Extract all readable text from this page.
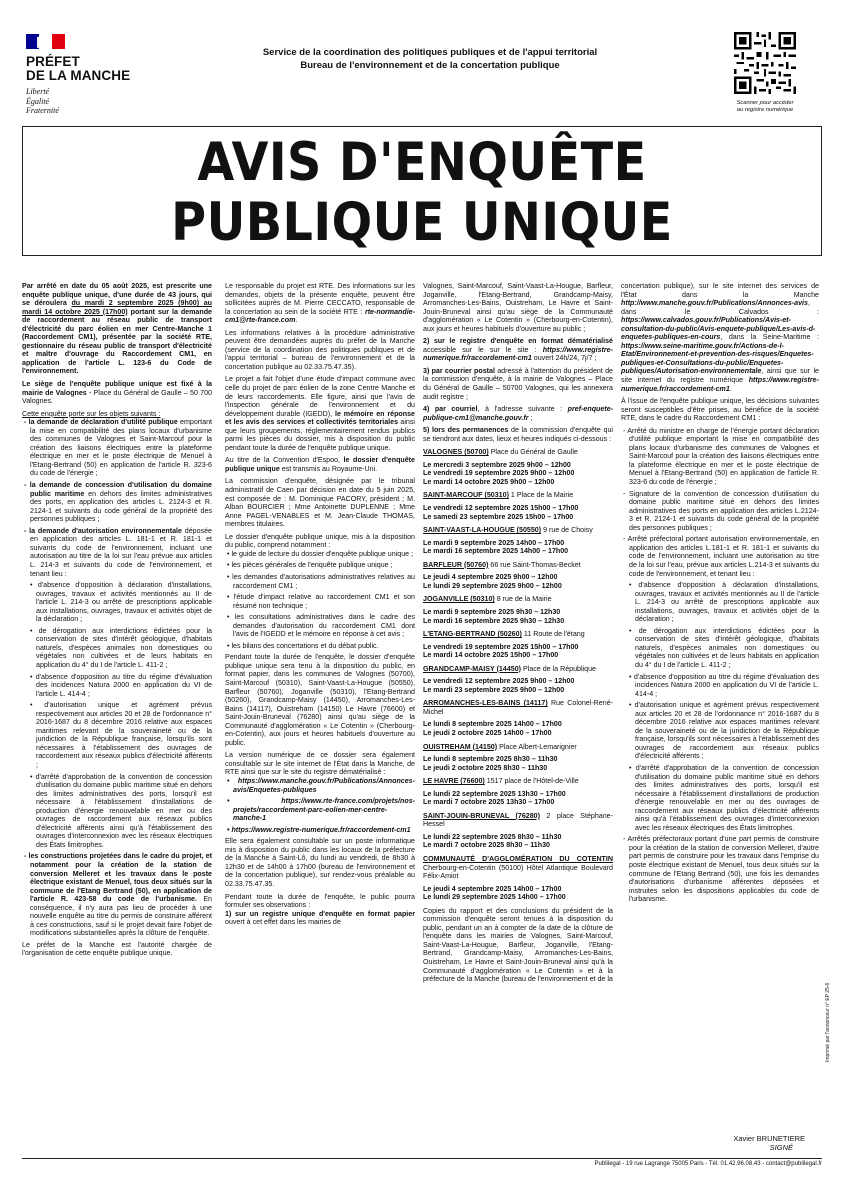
PRÉFET
DE LA MANCHE
Liberté
Égalité
Fraternité
Service de la coordination des politiques publiques et de l'appui territorial
Bureau de l'environnement et de la concertation publique
Scanner pour accéder
au registre numérique
AVIS D'ENQUÊTE
PUBLIQUE UNIQUE

Par arrêté en date du 05 août 2025, est prescrite une enquête publique unique, d'une durée de 43 jours, qui se déroulera du mardi 2 septembre 2025 (9h00) au mardi 14 octobre 2025 (17h00) portant sur la demande de raccordement au réseau public de transport d'électricité du parc éolien en mer Centre-Manche 1 (Raccordement CM1), présentée par la société RTE, gestionnaire du réseau public de transport d'électricité et maître d'ouvrage du Raccordement CM1, en application de l'article L. 123-6 du Code de l'environnement.

Le siège de l'enquête publique unique est fixé à la mairie de Valognes - Place du Général de Gaulle – 50 700 Valognes.

Cette enquête porte sur les objets suivants :

- la demande de déclaration d'utilité publique emportant la mise en compatibilité des plans locaux d'urbanisme des communes de Valognes et Saint-Marcouf pour la création des liaisons électriques entre la plateforme électrique en mer et le poste électrique de Menuel à l'Etang-Bertrand (50) en application de l'article R. 323-6 du code de l'énergie ;

- la demande de concession d'utilisation du domaine public maritime en dehors des limites administratives des ports, en application des articles L. 2124-3 et R. 2124-1 et suivants du code général de la propriété des personnes publiques ;

- la demande d'autorisation environnementale déposée en application des articles L. 181-1 et R. 181-1 et suivants du code de l'environnement, incluant une autorisation au titre de la loi sur l'eau prévue aux articles L. 214-3 et suivants du code de l'environnement, et tenant lieu :

• d'absence d'opposition à déclaration d'installations, ouvrages, travaux et activités mentionnés au II de l'article L. 214-3 ou arrêté de prescriptions applicable aux installations, ouvrages, travaux et activités objet de la déclaration ;

• de dérogation aux interdictions édictées pour la conservation de sites d'intérêt géologique, d'habitats naturels, d'espèces animales non domestiques ou végétales non cultivées et de leurs habitats en application du 4° du I de l'article L. 411-2 ;

• d'absence d'opposition au titre du régime d'évaluation des incidences Natura 2000 en application du VI de l'article L. 414-4 ;

• d'autorisation unique et agrément prévus respectivement aux articles 20 et 28 de l'ordonnance n° 2016-1687 du 8 décembre 2016 relative aux espaces maritimes relevant de la souveraineté ou de la juridiction de la République française, lorsqu'ils sont nécessaires à l'établissement des ouvrages de raccordement aux réseaux publics d'électricité afférents ;

• d'arrêté d'approbation de la convention de concession d'utilisation du domaine public maritime situé en dehors des limites administratives des ports, lorsqu'il est nécessaire à l'établissement d'installations de production d'énergie renouvelable en mer ou des ouvrages de raccordement aux réseaux publics d'électricité afférents ainsi qu'à l'établissement des ouvrages d'interconnexion avec les réseaux électriques des États limitrophes.

- les constructions projetées dans le cadre du projet, et notamment pour la création de la station de conversion Melleret et les travaux dans le poste électrique existant de Menuel, tous deux situés sur la commune de l'Etang Bertrand (50), en application de l'article R. 423-58 du code de l'urbanisme. En conséquence, il n'y aura pas lieu de procéder à une nouvelle enquête au titre du permis de construire afférent à ces constructions, sauf si le projet devait faire l'objet de modifications substantielles après la clôture de l'enquête.

Le préfet de la Manche est l'autorité chargée de l'organisation de cette enquête publique unique.

Le responsable du projet est RTE. Des informations sur les demandes, objets de la présente enquête, peuvent être sollicitées auprès de M. Pierre CECCATO, responsable de la concertation au sein de la société RTE : rte-normandie-cm1@rte-france.com.

Les informations relatives à la procédure administrative peuvent être demandées auprès du préfet de la Manche (service de la coordination des politiques publiques et de l'appui territorial – bureau de l'environnement et de la concertation publique au 02.33.75.47.35).

Le projet a fait l'objet d'une étude d'impact commune avec celle du projet de parc éolien de la zone Centre Manche et de leurs raccordements. Elle figure, ainsi que l'avis de l'inspection générale de l'environnement et du développement durable (IGEDD), le mémoire en réponse et les avis des services et collectivités territoriales ainsi que leurs groupements, réglementairement rendus publics parmi les pièces du dossier, mis à disposition du public pendant toute la durée de l'enquête publique unique.

Au titre de la Convention d'Espoo, le dossier d'enquête publique unique est transmis au Royaume-Uni.

La commission d'enquête, désignée par le tribunal administratif de Caen par décision en date du 5 juin 2025, est composée de : M. Dominique PACORY, président ; M. Alban BOURCIER ; Mme Antoinette DUPLENNE ; Mme Anne PAGEL-VENABLES et M. Jean-Claude THOMAS, membres titulaires.

Le dossier d'enquête publique unique, mis à la disposition du public, comprend notamment :

• le guide de lecture du dossier d'enquête publique unique ;

• les pièces générales de l'enquête publique unique ;

• les demandes d'autorisations administratives relatives au raccordement CM1 ;

• l'étude d'impact relative au raccordement CM1 et son résumé non technique ;

• les consultations administratives dans le cadre des demandes d'autorisation du raccordement CM1 dont l'avis de l'IGEDD et le mémoire en réponse à cet avis ;

• les bilans des concertations et du débat public.

Pendant toute la durée de l'enquête, le dossier d'enquête publique unique sera tenu à la disposition du public, en format papier, dans les communes de Valognes (50700), Saint-Marcouf (50310), Saint-Vaast-La-Hougue (50550), Barfleur (50760), Joganville (50310), l'Etang-Bertrand (50260), Grandcamp-Maisy (14450), Arromanches-Les-Bains (14117), Ouistreham (14150) Le Havre (76600) et Saint-Jouin-Bruneval (76280) ainsi qu'au siège de la Communauté d'agglomération « Le Cotentin » (Cherbourg-en-Cotentin), aux jours et heures habituels d'ouverture au public.

La version numérique de ce dossier sera également consultable sur le site internet de l'État dans la Manche, de RTE ainsi que sur le site du registre dématérialisé :

• https://www.manche.gouv.fr/Publications/Annonces-avis/Enquetes-publiques

• https://www.rte-france.com/projets/nos-projets/raccordement-parc-eolien-mer-centre-manche-1

• https://www.registre-numerique.fr/raccordement-cm1

Elle sera également consultable sur un poste informatique mis à disposition du public dans les locaux de la préfecture de la Manche à Saint-Lô, du lundi au vendredi, de 8h30 à 12h30 et de 14h00 à 17h00 (bureau de l'environnement et de la concertation publique), sur rendez-vous préalable au 02.33.75.47.35.

Pendant toute la durée de l'enquête, le public pourra formuler ses observations :

1) sur un registre unique d'enquête en format papier ouvert à cet effet dans les mairies de

Valognes, Saint-Marcouf, Saint-Vaast-La-Hougue, Barfleur, Joganville, l'Etang-Bertrand, Grandcamp-Maisy, Arromanches-Les-Bains, Ouistreham, Le Havre et Saint-Jouin-Bruneval ainsi qu'au siège de la Communauté d'agglomération « Le Cotentin » (Cherbourg-en-Cotentin), aux jours et heures habituels d'ouverture au public ;

2) sur le registre d'enquête en format dématérialisé accessible sur le sur le site : https://www.registre-numerique.fr/raccordement-cm1 ouvert 24h/24, 7j/7 ;

3) par courrier postal adressé à l'attention du président de la commission d'enquête, à la mairie de Valognes – Place du Général de Gaulle – 50700 Valognes, qui les annexera audit registre ;

4) par courriel, à l'adresse suivante : pref-enquete-publique-cm1@manche.gouv.fr ;

5) lors des permanences de la commission d'enquête qui se tiendront aux dates, lieux et heures indiqués ci-dessous :

VALOGNES (50700) Place du Général de Gaulle

Le mercredi 3 septembre 2025 9h00 – 12h00

Le vendredi 19 septembre 2025 9h00 – 12h00

Le mardi 14 octobre 2025 9h00 – 12h00

SAINT-MARCOUF (50310) 1 Place de la Mairie

Le vendredi 12 septembre 2025 15h00 – 17h00

Le samedi 23 septembre 2025 15h00 – 17h00

SAINT-VAAST-LA-HOUGUE (50550) 9 rue de Choisy

Le mardi 9 septembre 2025 14h00 – 17h00

Le mardi 16 septembre 2025 14h00 – 17h00

BARFLEUR (50760) 66 rue Saint-Thomas-Becket

Le jeudi 4 septembre 2025 9h00 – 12h00

Le lundi 29 septembre 2025 9h00 – 12h00

JOGANVILLE (50310) 8 rue de la Mairie

Le mardi 9 septembre 2025 9h30 – 12h30

Le mardi 16 septembre 2025 9h30 – 12h30

L'ETANG-BERTRAND (50260) 11 Route de l'étang

Le vendredi 19 septembre 2025 15h00 – 17h00

Le mardi 14 octobre 2025 15h00 – 17h00

GRANDCAMP-MAISY (14450) Place de la République

Le vendredi 12 septembre 2025 9h00 – 12h00

Le mardi 23 septembre 2025 9h00 – 12h00

ARROMANCHES-LES-BAINS (14117) Rue Colonel-René-Michel

Le lundi 8 septembre 2025 14h00 – 17h00

Le jeudi 2 octobre 2025 14h00 – 17h00

OUISTREHAM (14150) Place Albert-Lemarignier

Le lundi 8 septembre 2025 8h30 – 11h30

Le jeudi 2 octobre 2025 8h30 – 11h30

LE HAVRE (76600) 1517 place de l'Hôtel-de-Ville

Le lundi 22 septembre 2025 13h30 – 17h00

Le mardi 7 octobre 2025 13h30 – 17h00

SAINT-JOUIN-BRUNEVAL (76280) 2 place Stéphane-Hessel

Le lundi 22 septembre 2025 8h30 – 11h30

Le mardi 7 octobre 2025 8h30 – 11h30

COMMUNAUTÉ D'AGGLOMÉRATION DU COTENTIN Cherbourg-en-Cotentin (50100) Hôtel Atlantique Boulevard Félix-Amiot

Le jeudi 4 septembre 2025 14h00 – 17h00

Le lundi 29 septembre 2025 14h00 – 17h00

Copies du rapport et des conclusions du président de la commission d'enquête seront tenues à la disposition du public, pendant un an à compter de la date de la clôture de l'enquête dans les mairies de Valognes, Saint-Marcouf, Saint-Vaast-La-Hougue, Barfleur, Joganville, l'Etang-Bertrand, Grandcamp-Maisy, Arromanches-Les-Bains, Ouistreham, Le Havre et Saint-Jouin-Bruneval ainsi qu'à la Communauté d'agglomération « Le Cotentin » et à la préfecture de la Manche (bureau de l'environnement et de la

concertation publique), sur le site internet des services de l'État dans la Manche http://www.manche.gouv.fr/Publications/Annonces-avis, dans le Calvados : https://www.calvados.gouv.fr/Publications/Avis-et-consultation-du-public/Avis-enquete-publique/Les-avis-d-enquetes-publiques-en-cours, dans la Seine-Maritime : https://www.seine-maritime.gouv.fr/Actions-de-l-Etat/Environnement-et-prevention-des-risques/Enquetes-publiques-et-Consultations-du-public/Enquetes-publiques/Autorisation-environnementale, ainsi que sur le site internet du registre numérique https://www.registre-numerique.fr/raccordement-cm1.

À l'issue de l'enquête publique unique, les décisions suivantes seront susceptibles d'être prises, au bénéfice de la société RTE, dans le cadre du Raccordement CM1 :

- Arrêté du ministre en charge de l'énergie portant déclaration d'utilité publique emportant la mise en compatibilité des plans locaux d'urbanisme des communes de Valognes et Saint-Marcouf pour la création des liaisons électriques entre la plateforme électrique en mer et le poste électrique de Menuel à l'Etang-Bertrand (50) en application de l'article R. 323-6 du code de l'énergie ;

- Signature de la convention de concession d'utilisation du domaine public maritime situé en dehors des limites administratives des ports en application des articles L.2124-3 et R. 2124-1 et suivants du code général de la propriété des personnes publiques ;

- Arrêté préfectoral portant autorisation environnementale, en application des articles L.181-1 et R. 181-1 et suivants du code de l'environnement, incluant une autorisation au titre de la loi sur l'eau, prévue aux articles L.214-3 et suivants du code de l'environnement, et tenant lieu :

• d'absence d'opposition à déclaration d'installations, ouvrages, travaux et activités mentionnés au II de l'article L. 214-3 ou arrêté de prescriptions applicable aux installations, ouvrages, travaux et activités objet de la déclaration ;

• de dérogation aux interdictions édictées pour la conservation de sites d'intérêt géologique, d'habitats naturels, d'espèces animales non domestiques ou végétales non cultivées et de leurs habitats en application du 4° du I de l'article L. 411-2 ;

• d'absence d'opposition au titre du régime d'évaluation des incidences Natura 2000 en application du VI de l'article L. 414-4 ;

• d'autorisation unique et agrément prévus respectivement aux articles 20 et 28 de l'ordonnance n° 2016-1687 du 8 décembre 2016 relative aux espaces maritimes relevant de la souveraineté ou de la juridiction de la République française, lorsqu'ils sont nécessaires à l'établissement des ouvrages de raccordement aux réseaux publics d'électricité afférents ;

• d'arrêté d'approbation de la convention de concession d'utilisation du domaine public maritime situé en dehors des limites administratives des ports, lorsqu'il est nécessaire à l'établissement d'installations de production d'énergie renouvelable en mer ou des ouvrages de raccordement aux réseaux publics d'électricité afférents ainsi qu'à l'établissement des ouvrages d'interconnexion avec les réseaux électriques des États limitrophes.

- Arrêtés préfectoraux portant d'une part permis de construire pour la création de la station de conversion Melleret, d'autre part permis de construire pour les travaux dans l'emprise du poste électrique existant de Menuel, tous deux situés sur la commune de l'Etang Bertrand (50), une fois les demandes d'autorisations d'urbanisme afférentes déposées et instruites selon les dispositions applicables du code de l'urbanisme.

Xavier BRUNETIERE
SIGNÉ
Imprimé par l'annonceur n° EP 25-6
Publilegal - 19 rue Lagrange 75005 Paris - Tél. 01.42.96.08.43 - contact@publilegal.fr
